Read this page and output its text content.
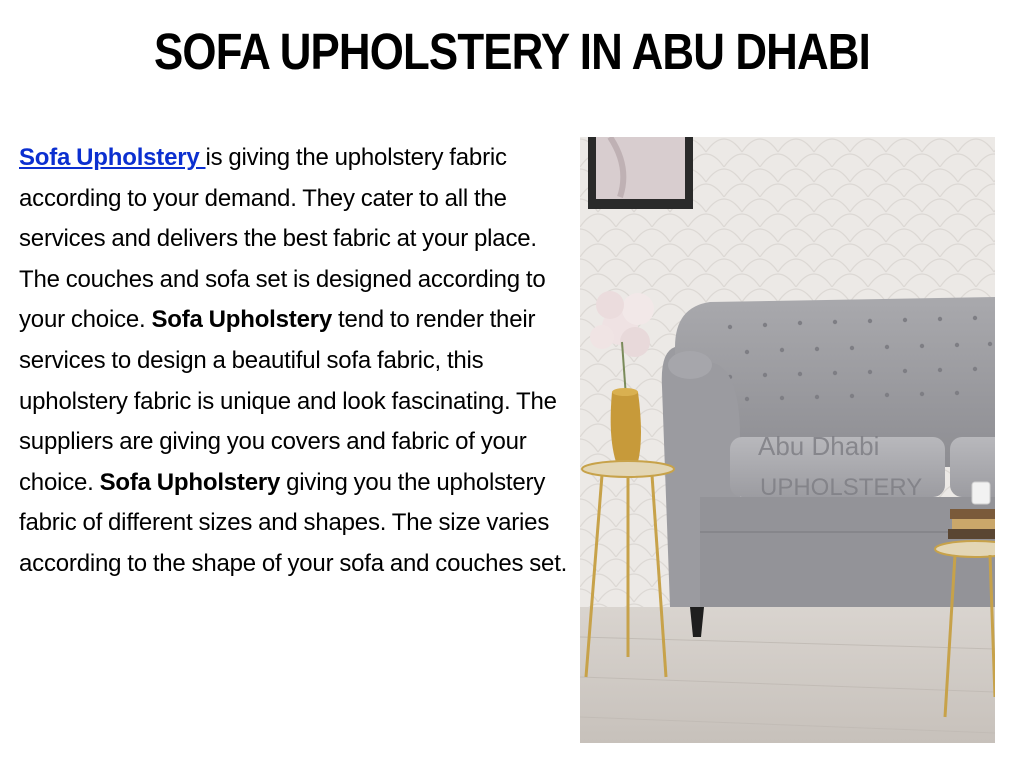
SOFA UPHOLSTERY IN ABU DHABI
Sofa Upholstery is giving the upholstery fabric according to your demand. They cater to all the services and delivers the best fabric at your place. The couches and sofa set is designed according to your choice. Sofa Upholstery tend to render their services to design a beautiful sofa fabric, this upholstery fabric is unique and look fascinating. The suppliers are giving you covers and fabric of your choice. Sofa Upholstery giving you the upholstery fabric of different sizes and shapes. The size varies according to the shape of your sofa and couches set.
Abu Dhabi
UPHOLSTERY
